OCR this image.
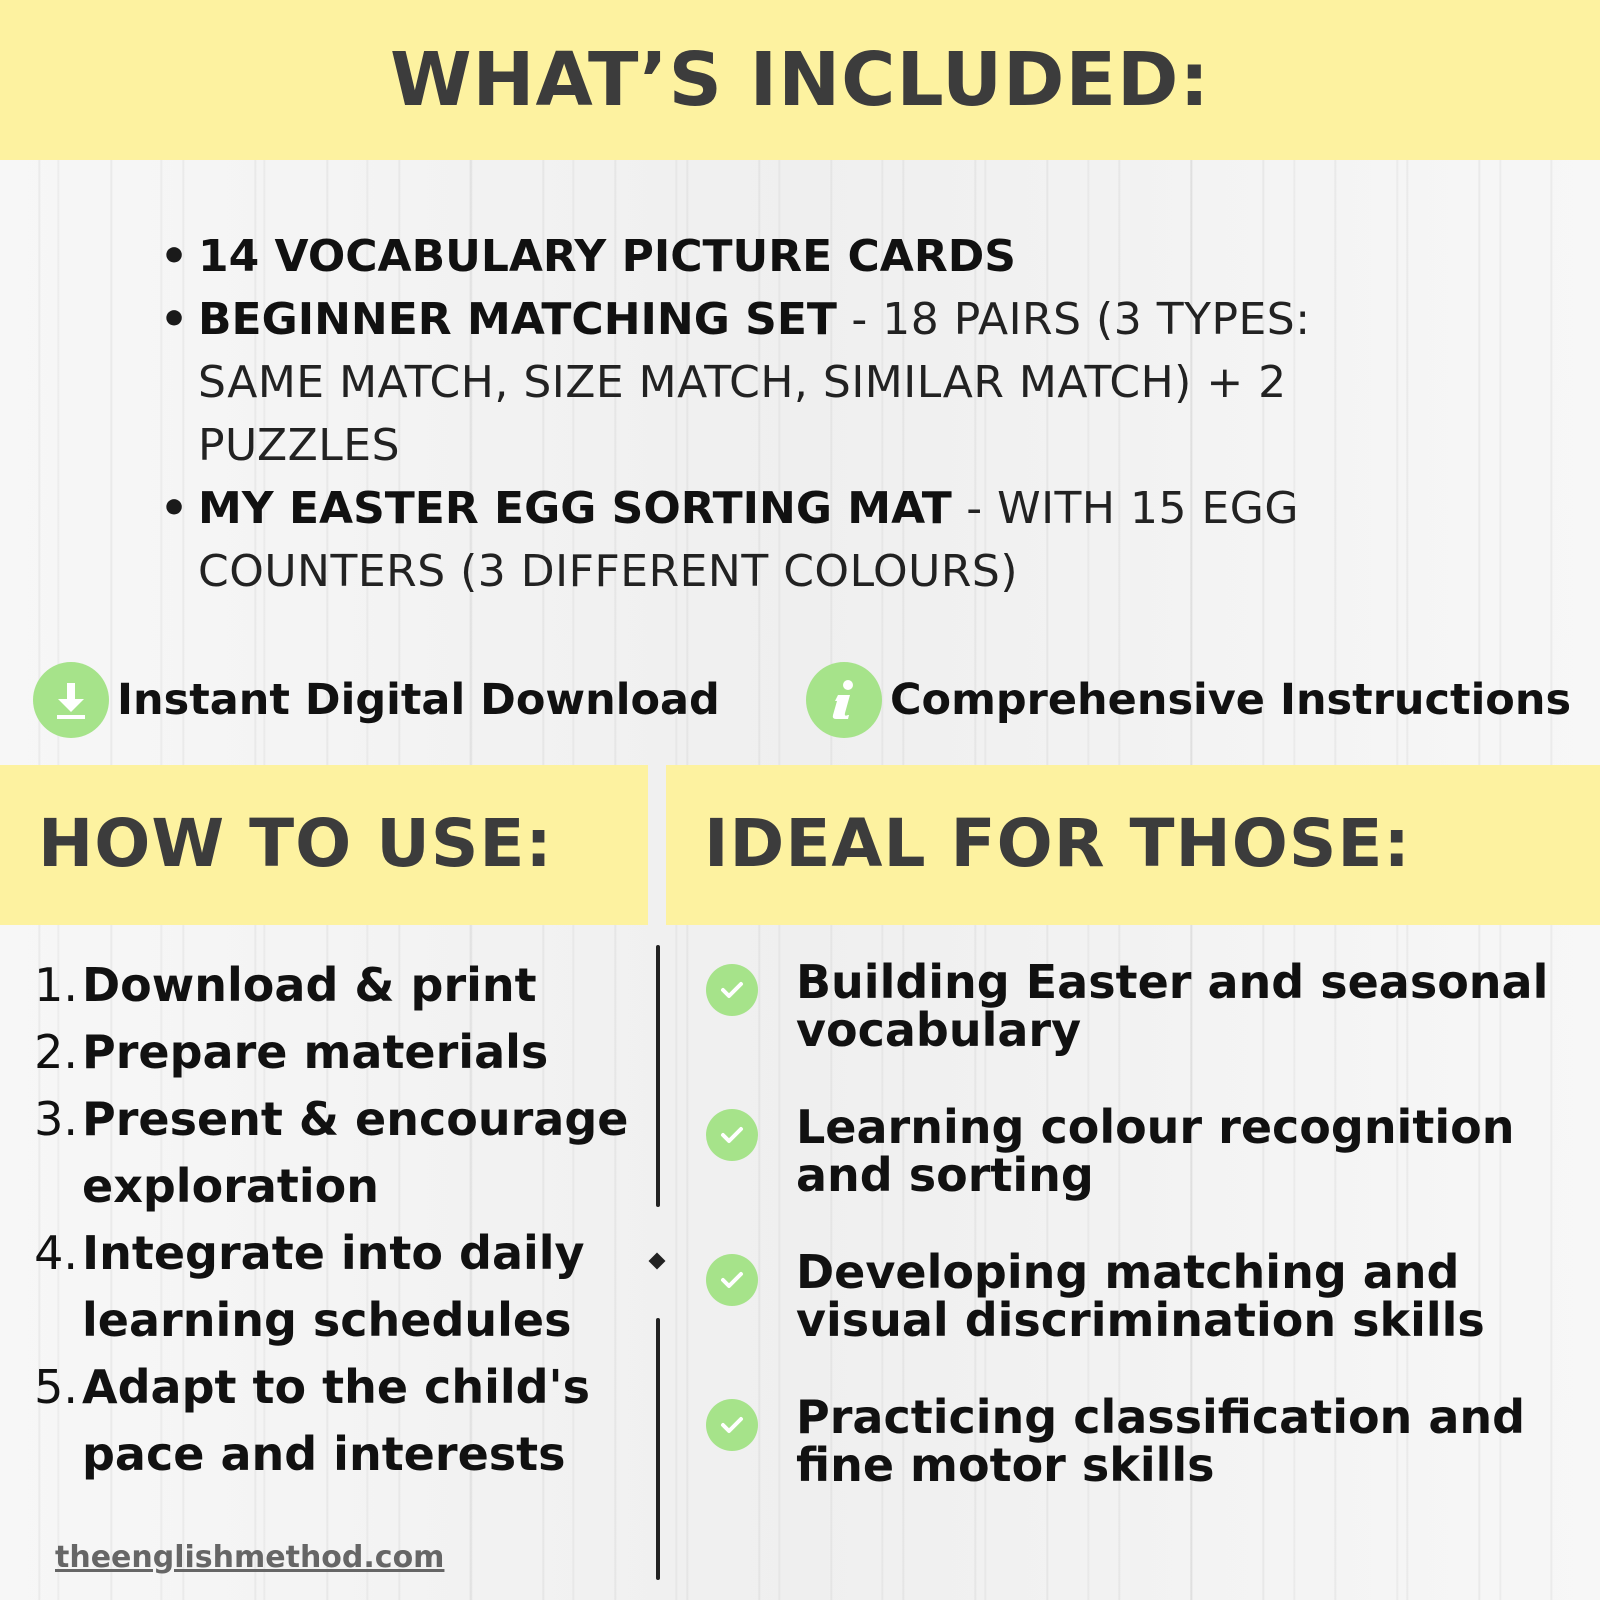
WHAT’S INCLUDED:
• 14 VOCABULARY PICTURE CARDS
• BEGINNER MATCHING SET - 18 PAIRS (3 TYPES: SAME MATCH, SIZE MATCH, SIMILAR MATCH) + 2 PUZZLES
• MY EASTER EGG SORTING MAT - WITH 15 EGG COUNTERS (3 DIFFERENT COLOURS)
Instant Digital Download	Comprehensive Instructions
HOW TO USE: IDEAL FOR THOSE:
1. Download & print
2. Prepare materials
3. Present & encourage exploration
4. Integrate into daily learning schedules
5. Adapt to the child's pace and interests
Building Easter and seasonal vocabulary
Learning colour recognition and sorting
Developing matching and visual discrimination skills
Practicing classification and fine motor skills
theenglishmethod.com
